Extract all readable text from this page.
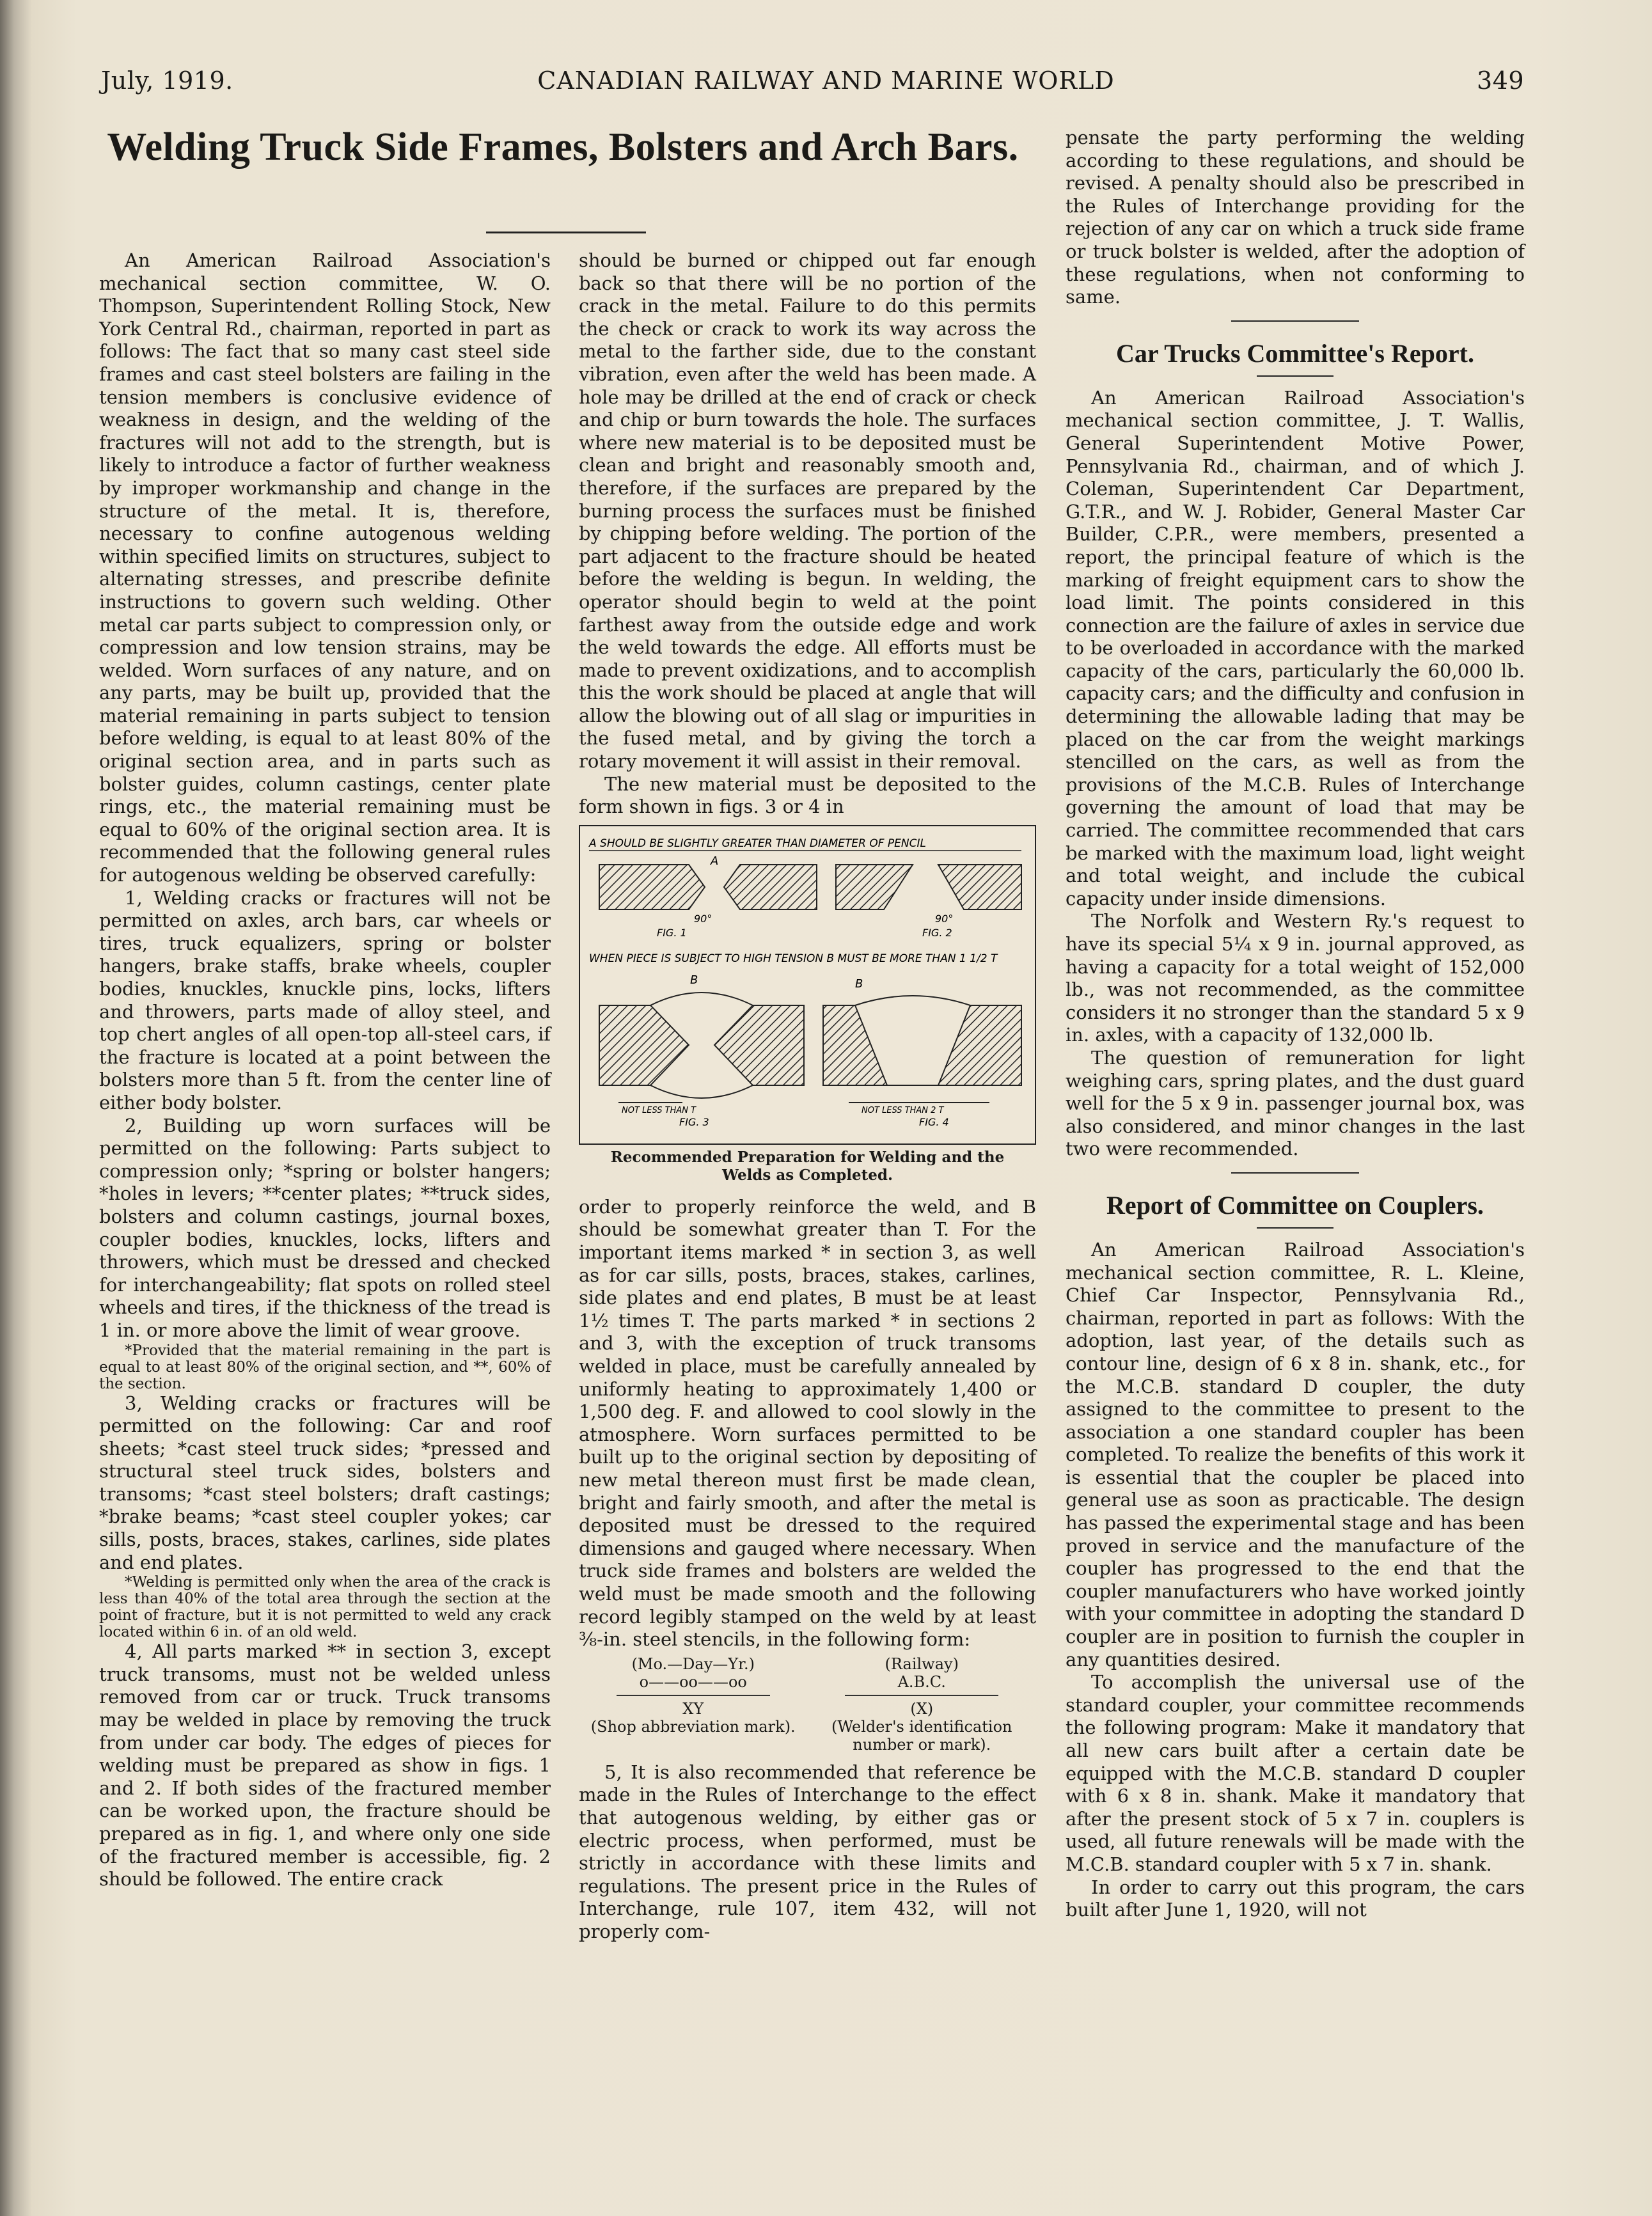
July, 1919.	CANADIAN RAILWAY AND MARINE WORLD	349
Welding Truck Side Frames, Bolsters and Arch Bars.

An American Railroad Association's mechanical section committee, W. O. Thompson, Superintendent Rolling Stock, New York Central Rd., chairman, reported in part as follows: The fact that so many cast steel side frames and cast steel bolsters are failing in the tension members is conclusive evidence of weakness in design, and the welding of the fractures will not add to the strength, but is likely to introduce a factor of further weakness by improper workmanship and change in the structure of the metal. It is, therefore, necessary to confine autogenous welding within specified limits on structures, subject to alternating stresses, and prescribe definite instructions to govern such welding. Other metal car parts subject to compression only, or compression and low tension strains, may be welded. Worn surfaces of any nature, and on any parts, may be built up, provided that the material remaining in parts subject to tension before welding, is equal to at least 80% of the original section area, and in parts such as bolster guides, column castings, center plate rings, etc., the material remaining must be equal to 60% of the original section area. It is recommended that the following general rules for autogenous welding be observed carefully:

1, Welding cracks or fractures will not be permitted on axles, arch bars, car wheels or tires, truck equalizers, spring or bolster hangers, brake staffs, brake wheels, coupler bodies, knuckles, knuckle pins, locks, lifters and throwers, parts made of alloy steel, and top chert angles of all open-top all-steel cars, if the fracture is located at a point between the bolsters more than 5 ft. from the center line of either body bolster.

2, Building up worn surfaces will be permitted on the following: Parts subject to compression only; *spring or bolster hangers; *holes in levers; **center plates; **truck sides, bolsters and column castings, journal boxes, coupler bodies, knuckles, locks, lifters and throwers, which must be dressed and checked for interchangeability; flat spots on rolled steel wheels and tires, if the thickness of the tread is 1 in. or more above the limit of wear groove.

*Provided that the material remaining in the part is equal to at least 80% of the original section, and **, 60% of the section.

3, Welding cracks or fractures will be permitted on the following: Car and roof sheets; *cast steel truck sides; *pressed and structural steel truck sides, bolsters and transoms; *cast steel bolsters; draft castings; *brake beams; *cast steel coupler yokes; car sills, posts, braces, stakes, carlines, side plates and end plates.

*Welding is permitted only when the area of the crack is less than 40% of the total area through the section at the point of fracture, but it is not permitted to weld any crack located within 6 in. of an old weld.

4, All parts marked ** in section 3, except truck transoms, must not be welded unless removed from car or truck. Truck transoms may be welded in place by removing the truck from under car body. The edges of pieces for welding must be prepared as show in figs. 1 and 2. If both sides of the fractured member can be worked upon, the fracture should be prepared as in fig. 1, and where only one side of the fractured member is accessible, fig. 2 should be followed. The entire crack

should be burned or chipped out far enough back so that there will be no portion of the crack in the metal. Failure to do this permits the check or crack to work its way across the metal to the farther side, due to the constant vibration, even after the weld has been made. A hole may be drilled at the end of crack or check and chip or burn towards the hole. The surfaces where new material is to be deposited must be clean and bright and reasonably smooth and, therefore, if the surfaces are prepared by the burning process the surfaces must be finished by chipping before welding. The portion of the part adjacent to the fracture should be heated before the welding is begun. In welding, the operator should begin to weld at the point farthest away from the outside edge and work the weld towards the edge. All efforts must be made to prevent oxidizations, and to accomplish this the work should be placed at angle that will allow the blowing out of all slag or impurities in the fused metal, and by giving the torch a rotary movement it will assist in their removal.

The new material must be deposited to the form shown in figs. 3 or 4 in

A SHOULD BE SLIGHTLY GREATER THAN DIAMETER OF PENCIL
A
90°
FIG. 1
90°
FIG. 2
WHEN PIECE IS SUBJECT TO HIGH TENSION B MUST BE MORE THAN 1 1/2 T
B	B
NOT LESS THAN T
FIG. 3
NOT LESS THAN 2 T
FIG. 4
Recommended Preparation for Welding and the Welds as Completed.

order to properly reinforce the weld, and B should be somewhat greater than T. For the important items marked * in section 3, as well as for car sills, posts, braces, stakes, carlines, side plates and end plates, B must be at least 1½ times T. The parts marked * in sections 2 and 3, with the exception of truck transoms welded in place, must be carefully annealed by uniformly heating to approximately 1,400 or 1,500 deg. F. and allowed to cool slowly in the atmosphere. Worn surfaces permitted to be built up to the original section by depositing of new metal thereon must first be made clean, bright and fairly smooth, and after the metal is deposited must be dressed to the required dimensions and gauged where necessary. When truck side frames and bolsters are welded the weld must be made smooth and the following record legibly stamped on the weld by at least ⅜-in. steel stencils, in the following form:

(Mo.—Day—Yr.)
o——oo——oo
XY
(Shop abbreviation mark).
(Railway)
A.B.C.
(X)
(Welder's identification number or mark).

5, It is also recommended that reference be made in the Rules of Interchange to the effect that autogenous welding, by either gas or electric process, when performed, must be strictly in accordance with these limits and regulations. The present price in the Rules of Interchange, rule 107, item 432, will not properly com-

pensate the party performing the welding according to these regulations, and should be revised. A penalty should also be prescribed in the Rules of Interchange providing for the rejection of any car on which a truck side frame or truck bolster is welded, after the adoption of these regulations, when not conforming to same.

Car Trucks Committee's Report.

An American Railroad Association's mechanical section committee, J. T. Wallis, General Superintendent Motive Power, Pennsylvania Rd., chairman, and of which J. Coleman, Superintendent Car Department, G.T.R., and W. J. Robider, General Master Car Builder, C.P.R., were members, presented a report, the principal feature of which is the marking of freight equipment cars to show the load limit. The points considered in this connection are the failure of axles in service due to be overloaded in accordance with the marked capacity of the cars, particularly the 60,000 lb. capacity cars; and the difficulty and confusion in determining the allowable lading that may be placed on the car from the weight markings stencilled on the cars, as well as from the provisions of the M.C.B. Rules of Interchange governing the amount of load that may be carried. The committee recommended that cars be marked with the maximum load, light weight and total weight, and include the cubical capacity under inside dimensions.

The Norfolk and Western Ry.'s request to have its special 5¼ x 9 in. journal approved, as having a capacity for a total weight of 152,000 lb., was not recommended, as the committee considers it no stronger than the standard 5 x 9 in. axles, with a capacity of 132,000 lb.

The question of remuneration for light weighing cars, spring plates, and the dust guard well for the 5 x 9 in. passenger journal box, was also considered, and minor changes in the last two were recommended.

Report of Committee on Couplers.

An American Railroad Association's mechanical section committee, R. L. Kleine, Chief Car Inspector, Pennsylvania Rd., chairman, reported in part as follows: With the adoption, last year, of the details such as contour line, design of 6 x 8 in. shank, etc., for the M.C.B. standard D coupler, the duty assigned to the committee to present to the association a one standard coupler has been completed. To realize the benefits of this work it is essential that the coupler be placed into general use as soon as practicable. The design has passed the experimental stage and has been proved in service and the manufacture of the coupler has progressed to the end that the coupler manufacturers who have worked jointly with your committee in adopting the standard D coupler are in position to furnish the coupler in any quantities desired.

To accomplish the universal use of the standard coupler, your committee recommends the following program: Make it mandatory that all new cars built after a certain date be equipped with the M.C.B. standard D coupler with 6 x 8 in. shank. Make it mandatory that after the present stock of 5 x 7 in. couplers is used, all future renewals will be made with the M.C.B. standard coupler with 5 x 7 in. shank.

In order to carry out this program, the cars built after June 1, 1920, will not
